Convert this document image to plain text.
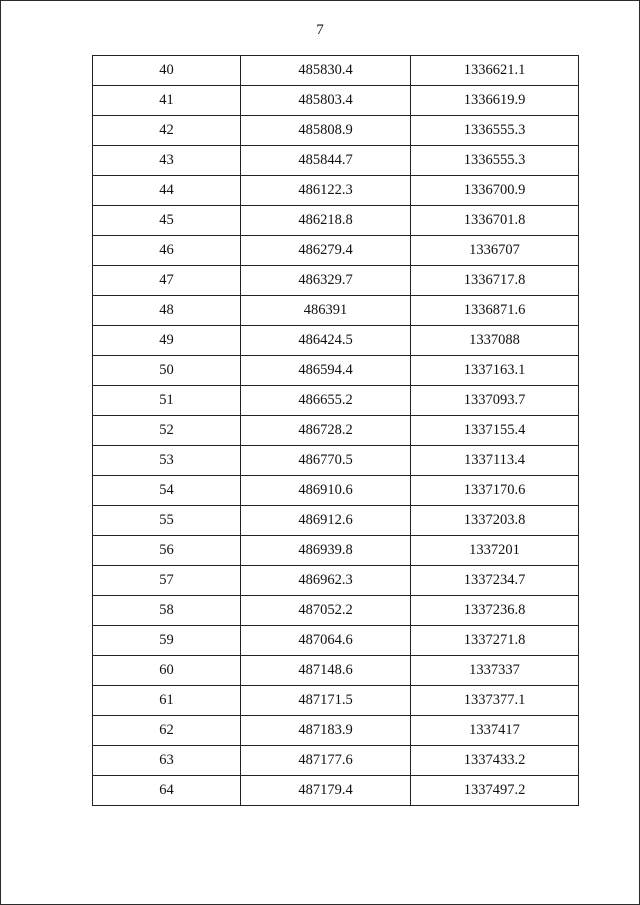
7
40	485830.4	1336621.1
41	485803.4	1336619.9
42	485808.9	1336555.3
43	485844.7	1336555.3
44	486122.3	1336700.9
45	486218.8	1336701.8
46	486279.4	1336707
47	486329.7	1336717.8
48	486391	1336871.6
49	486424.5	1337088
50	486594.4	1337163.1
51	486655.2	1337093.7
52	486728.2	1337155.4
53	486770.5	1337113.4
54	486910.6	1337170.6
55	486912.6	1337203.8
56	486939.8	1337201
57	486962.3	1337234.7
58	487052.2	1337236.8
59	487064.6	1337271.8
60	487148.6	1337337
61	487171.5	1337377.1
62	487183.9	1337417
63	487177.6	1337433.2
64	487179.4	1337497.2
